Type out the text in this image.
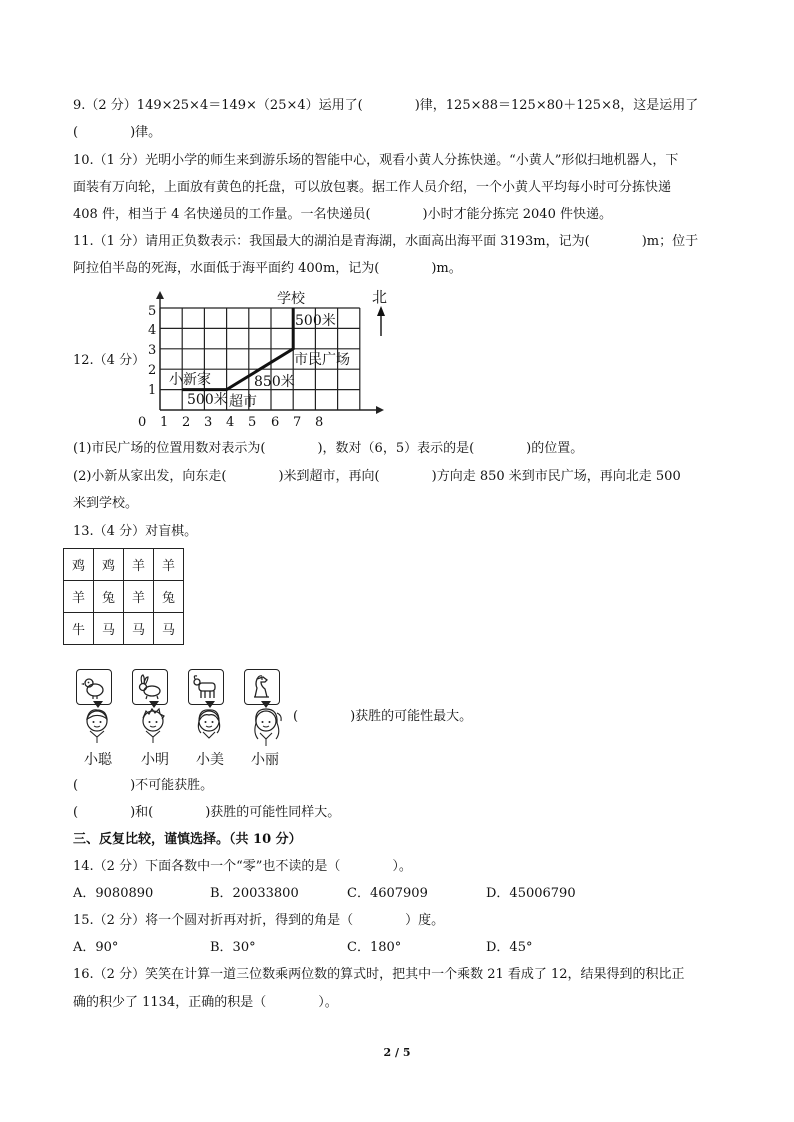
9.（2 分）149×25×4＝149×（25×4）运用了(　　　　)律，125×88＝125×80＋125×8，这是运用了
(　　　　)律。
10.（1 分）光明小学的师生来到游乐场的智能中心，观看小黄人分拣快递。“小黄人”形似扫地机器人，下
面装有万向轮，上面放有黄色的托盘，可以放包裹。据工作人员介绍，一个小黄人平均每小时可分拣快递
408 件，相当于 4 名快递员的工作量。一名快递员(　　　　)小时才能分拣完 2040 件快递。
11.（1 分）请用正负数表示：我国最大的湖泊是青海湖，水面高出海平面 3193m，记为(　　　　)m；位于
阿拉伯半岛的死海，水面低于海平面约 400m，记为(　　　　)m。
12.（4 分）
0 1 2 3 4 5 6 7 8
1
2
3
4
5
学校
500米
市民广场
小新家	850米
500米 超市
北
(1)市民广场的位置用数对表示为(　　　　)，数对（6，5）表示的是(　　　　)的位置。
(2)小新从家出发，向东走(　　　　)米到超市，再向(　　　　)方向走 850 米到市民广场，再向北走 500
米到学校。
13.（4 分）对盲棋。
鸡	鸡	羊	羊
羊	兔	羊	兔
牛	马	马	马
(　　　　)获胜的可能性最大。
小聪 小明 小美 小丽
(　　　　)不可能获胜。
(　　　　)和(　　　　)获胜的可能性同样大。
三、反复比较，谨慎选择。（共 10 分）
14.（2 分）下面各数中一个“零”也不读的是（　　　　）。
A．9080890	B．20033800	C．4607909	D．45006790
15.（2 分）将一个圆对折再对折，得到的角是（　　　　）度。
A．90°	B．30°	C．180°	D．45°
16.（2 分）笑笑在计算一道三位数乘两位数的算式时，把其中一个乘数 21 看成了 12，结果得到的积比正
确的积少了 1134，正确的积是（　　　　）。
2 / 5
